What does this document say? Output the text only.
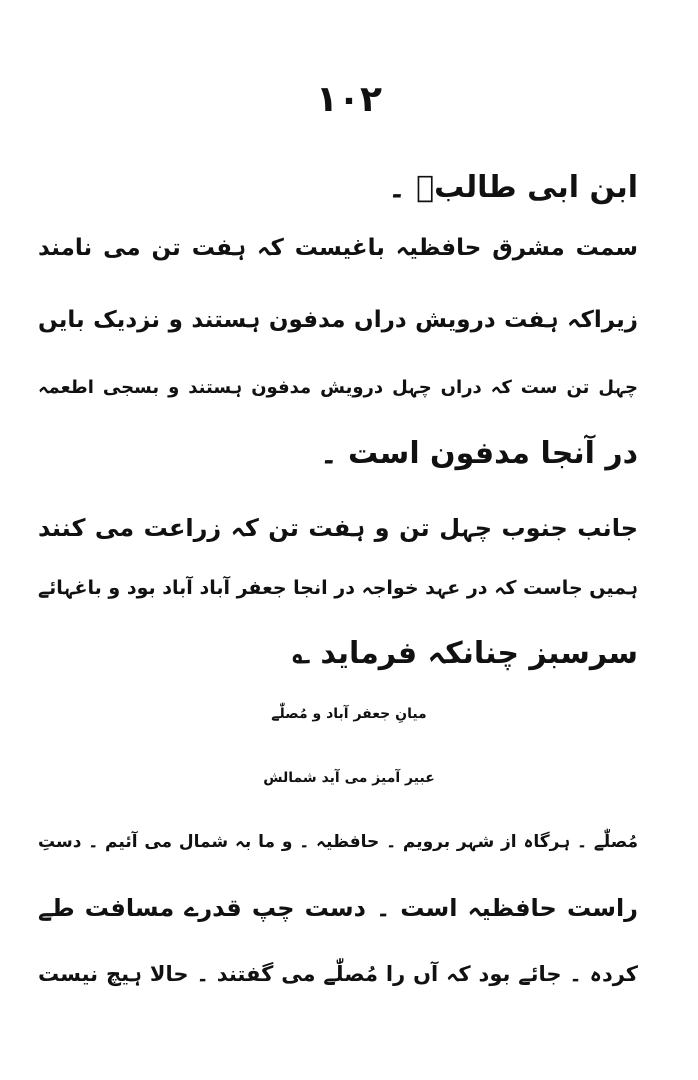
۱۰۲
ابن ابی طالبؑ ۔
سمت مشرق حافظیہ باغیست کہ ہفت تن می نامند
زیراکہ ہفت درویش دراں مدفون ہستند و نزدیک بایں
چہل تن ست کہ دراں چہل درویش مدفون ہستند و بسجی اطعمہ
در آنجا مدفون است ۔
جانب جنوب چہل تن و ہفت تن کہ زراعت می کنند
ہمیں جاست کہ در عہد خواجہ در انجا جعفر آباد آباد بود و باغہائے
سرسبز چنانکہ فرماید ؎
میانِ جعفر آباد و مُصلّٰے
عبیر آمیز می آید شمالش
مُصلّٰے ۔ ہرگاہ از شہر برویم ۔ حافظیہ ۔ و ما بہ شمال می آئیم ۔ دستِ
راست حافظیہ است ۔ دست چپ قدرے مسافت طے
کردہ ۔ جائے بود کہ آں را مُصلّٰے می گفتند ۔ حالا ہیچ نیست
